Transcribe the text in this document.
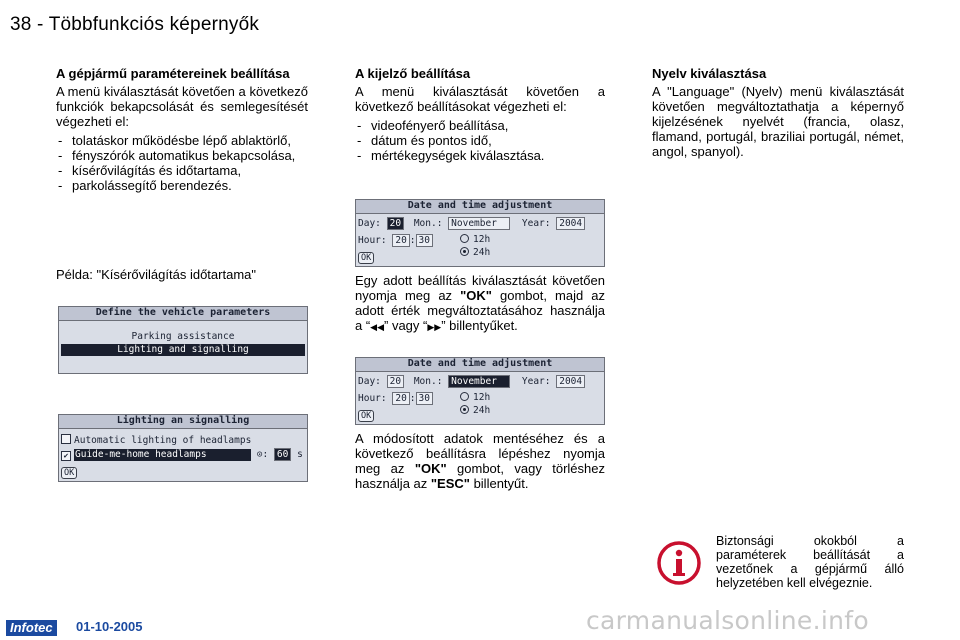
38 - Többfunkciós képernyők
A gépjármű paramétereinek beállítása

A menü kiválasztását követően a következő funkciók bekapcsolását és semlegesítését végezheti el:

- tolatáskor működésbe lépő ablaktörlő,
- fényszórók automatikus bekapcsolása,
- kísérővilágítás és időtartama,
- parkolássegítő berendezés.
Példa: "Kísérővilágítás időtartama"
Define the vehicle parameters
Parking assistance
Lighting and signalling
Lighting an signalling
Automatic lighting of headlamps
✔ Guide-me-home headlamps	⊙: 60 s
OK
A kijelző beállítása

A menü kiválasztását követően a következő beállításokat végezheti el:

- videofényerő beállítása,
- dátum és pontos idő,
- mértékegységek kiválasztása.
Date and time adjustment
Day: 20 Mon.: November	Year: 2004
Hour: 20 : 30	12h
24h
OK

Egy adott beállítás kiválasztását követően nyomja meg az "OK" gombot, majd az adott érték megváltoztatásához használja a “◀◀” vagy “▶▶” billentyűket.

Date and time adjustment
Day: 20 Mon.: November	Year: 2004
Hour: 20 : 30	12h
24h
OK

A módosított adatok mentéséhez és a következő beállításra lépéshez nyomja meg az "OK" gombot, vagy törléshez használja az "ESC" billentyűt.

Nyelv kiválasztása

A "Language" (Nyelv) menü kiválasztását követően megváltoztathatja a képernyő kijelzésének nyelvét (francia, olasz, flamand, portugál, braziliai portugál, német, angol, spanyol).

Biztonsági okokból a paraméterek beállítását a vezetőnek a gépjármű álló helyzetében kell elvégeznie.
Infotec	01-10-2005	carmanualsonline.info
